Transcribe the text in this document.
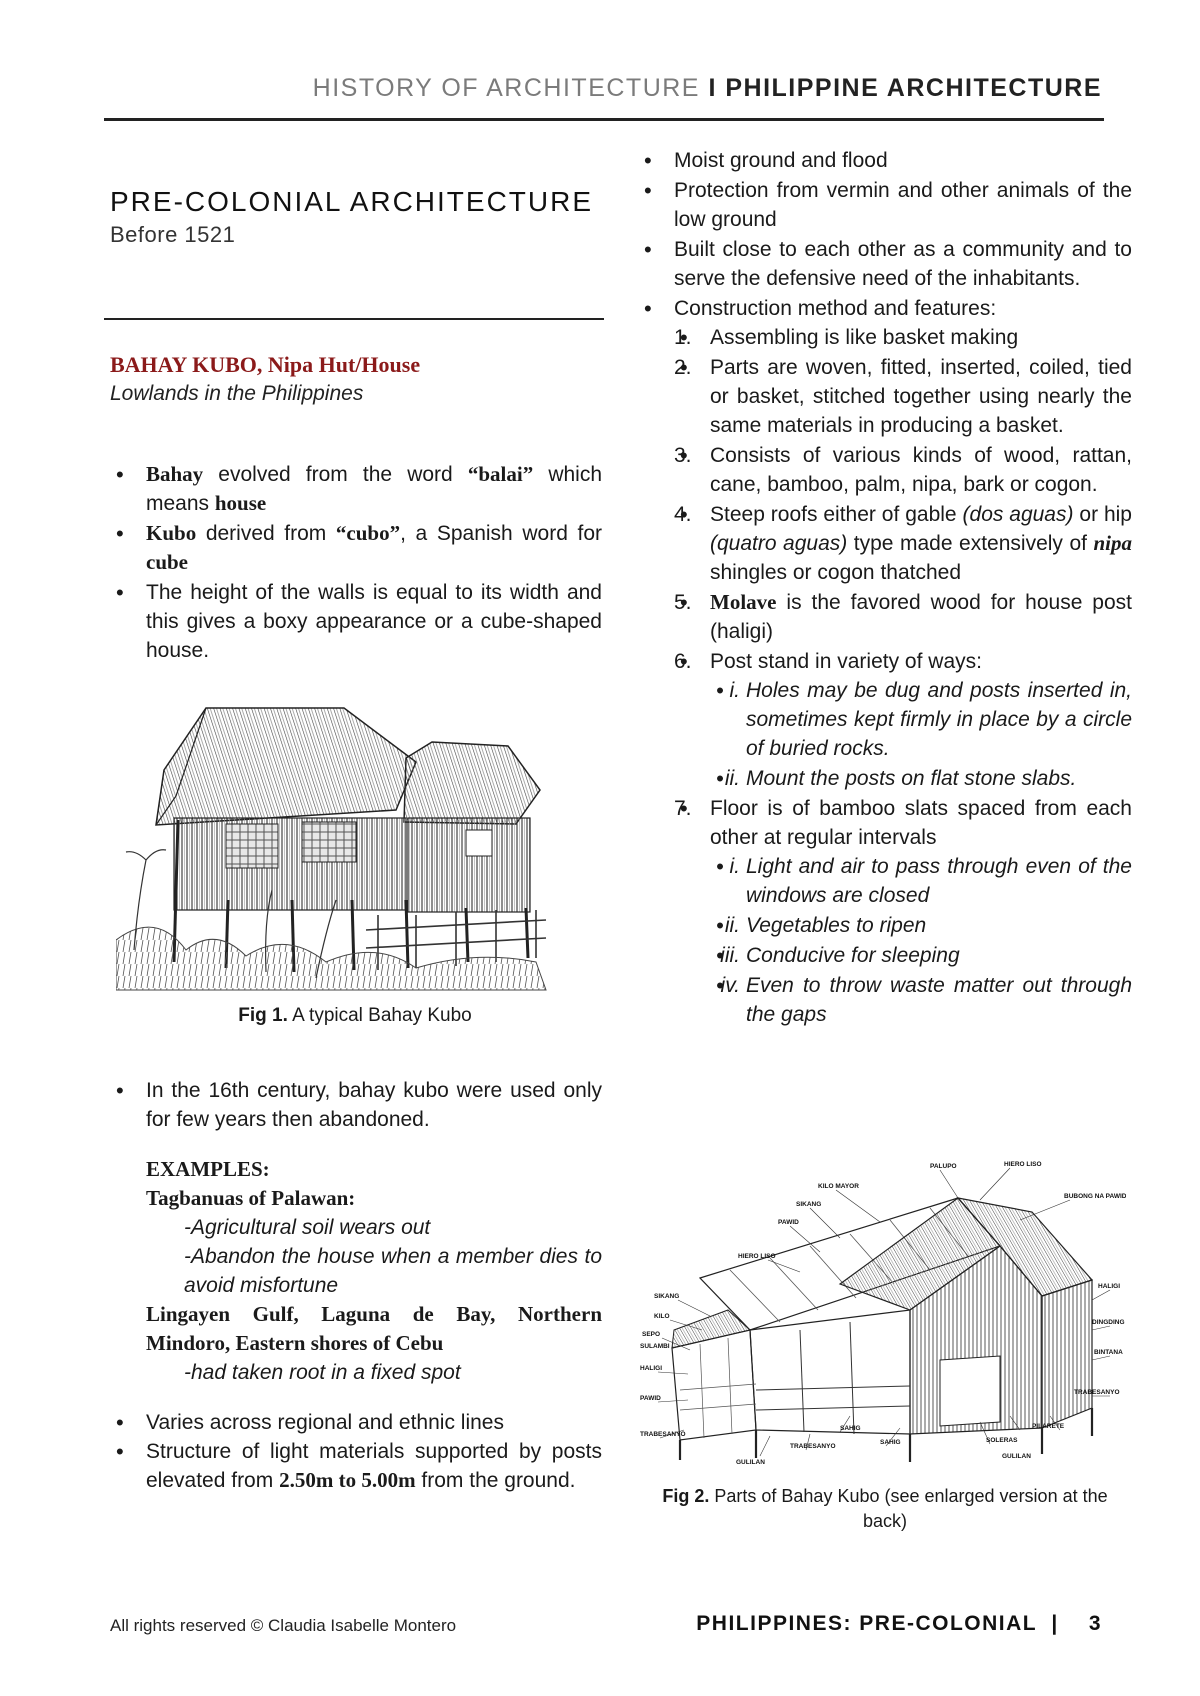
HISTORY OF ARCHITECTURE I PHILIPPINE ARCHITECTURE
PRE-COLONIAL ARCHITECTURE
Before 1521
BAHAY KUBO, Nipa Hut/House
Lowlands in the Philippines
• Bahay evolved from the word “balai” which means house
• Kubo derived from “cubo”, a Spanish word for cube
• The height of the walls is equal to its width and this gives a boxy appearance or a cube-shaped house.
Fig 1. A typical Bahay Kubo
• In the 16th century, bahay kubo were used only for few years then abandoned.
EXAMPLES:
Tagbanuas of Palawan:
-Agricultural soil wears out
-Abandon the house when a member dies to avoid misfortune
Lingayen Gulf, Laguna de Bay, Northern Mindoro, Eastern shores of Cebu
-had taken root in a fixed spot
• Varies across regional and ethnic lines
• Structure of light materials supported by posts elevated from 2.50m to 5.00m from the ground.
• Moist ground and flood
• Protection from vermin and other animals of the low ground
• Built close to each other as a community and to serve the defensive need of the inhabitants.
• Construction method and features:
• 1. Assembling is like basket making
• 2. Parts are woven, fitted, inserted, coiled, tied or basket, stitched together using nearly the same materials in producing a basket.
• 3. Consists of various kinds of wood, rattan, cane, bamboo, palm, nipa, bark or cogon.
• 4. Steep roofs either of gable (dos aguas) or hip (quatro aguas) type made extensively of nipa shingles or cogon thatched
• 5. Molave is the favored wood for house post (haligi)
• 6. Post stand in variety of ways:
• i. Holes may be dug and posts inserted in, sometimes kept firmly in place by a circle of buried rocks.
• ii. Mount the posts on flat stone slabs.
• 7. Floor is of bamboo slats spaced from each other at regular intervals
• i. Light and air to pass through even of the windows are closed
• ii. Vegetables to ripen
• iii. Conducive for sleeping
• iv. Even to throw waste matter out through the gaps
PALUPO	HIERO LISO
KILO MAYOR
SIKANG
PAWID
HIERO LISO
BUBONG NA PAWID
SIKANG
KILO
SEPO
HALIGI
PAWID
TRABESANYO
SULAMBI
HALIGI
DINGDING
BINTANA
SAHIG
SOLERAS
PILARETE
GULILAN
TRABESANYO
GULILAN
SAHIG
TRABESANYO
Fig 2. Parts of Bahay Kubo (see enlarged version at the back)
All rights reserved © Claudia Isabelle Montero	PHILIPPINES: PRE-COLONIAL  | 3
